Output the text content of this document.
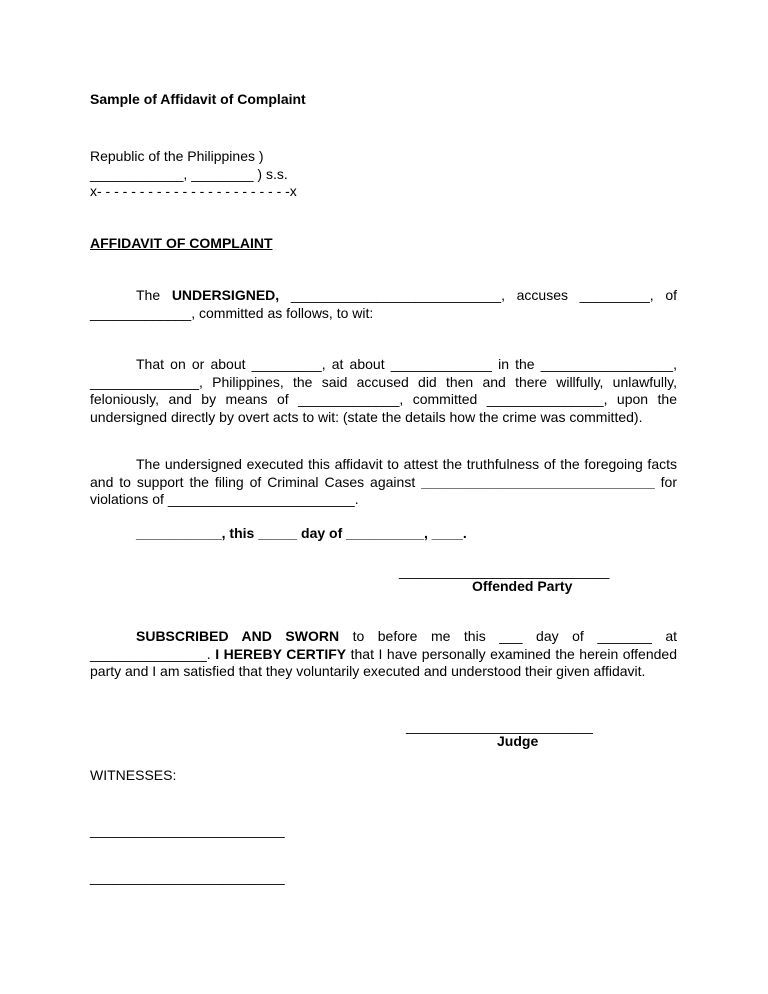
Sample of Affidavit of Complaint
Republic of the Philippines )
____________, ________ ) s.s.
x- - - - - - - - - - - - - - - - - - - - - - -x
AFFIDAVIT OF COMPLAINT
The UNDERSIGNED, ___________________________, accuses _________, of _____________, committed as follows, to wit:
That on or about _________, at about _____________ in the _________________, ______________, Philippines, the said accused did then and there willfully, unlawfully, feloniously, and by means of _____________, committed _______________, upon the undersigned directly by overt acts to wit: (state the details how the crime was committed).
The undersigned executed this affidavit to attest the truthfulness of the foregoing facts and to support the filing of Criminal Cases against ______________________________ for violations of ________________________.
___________, this _____ day of __________, ____.
___________________________
Offended Party
SUBSCRIBED AND SWORN to before me this ___ day of _______ at _______________. I HEREBY CERTIFY that I have personally examined the herein offended party and I am satisfied that they voluntarily executed and understood their given affidavit.
________________________
Judge
WITNESSES:
_________________________
_________________________
